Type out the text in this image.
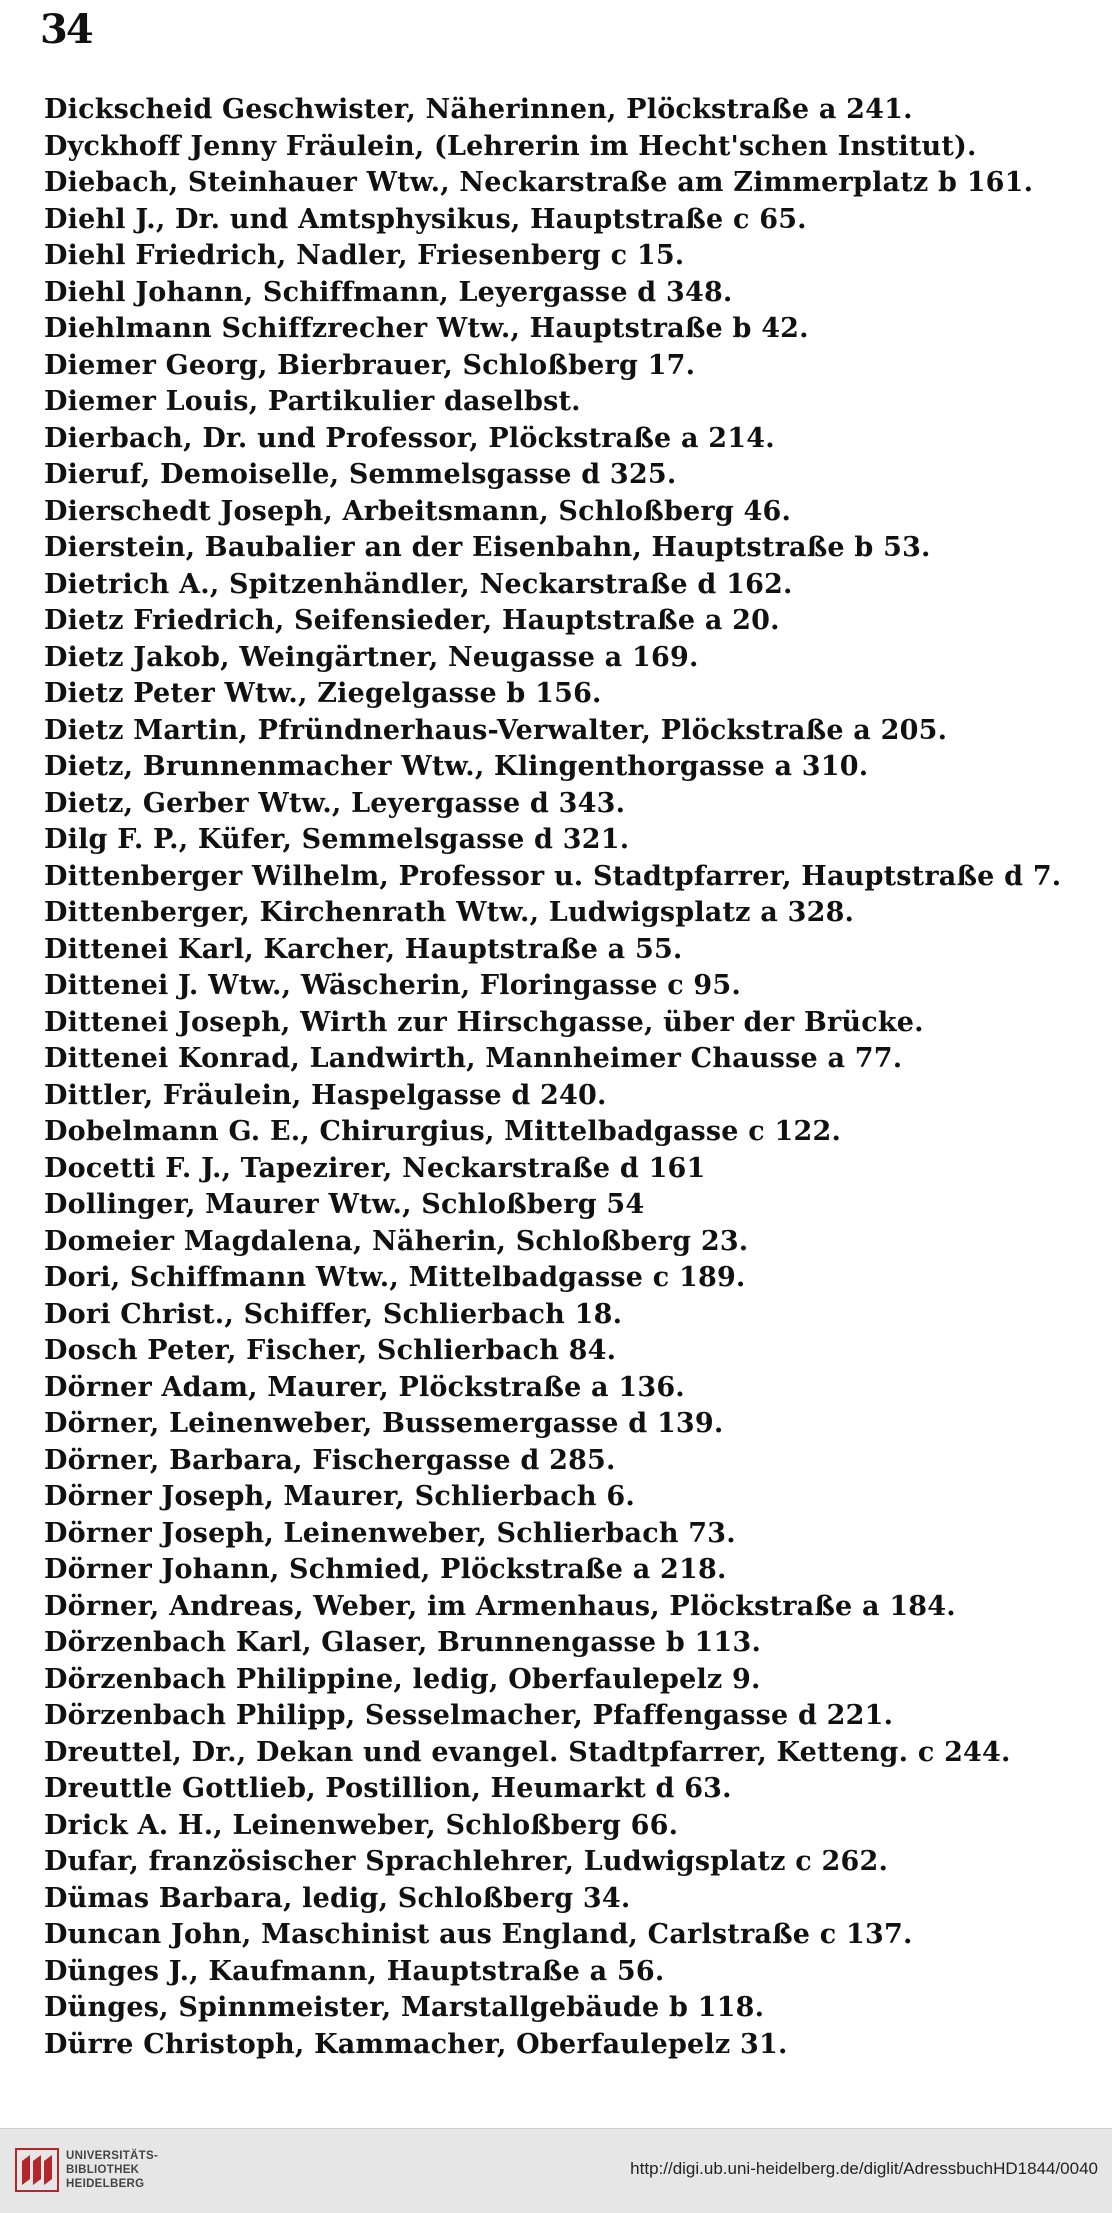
34
Dickscheid Geschwister, Näherinnen, Plöckstraße a 241.
Dyckhoff Jenny Fräulein, (Lehrerin im Hecht'schen Institut).
Diebach, Steinhauer Wtw., Neckarstraße am Zimmerplatz b 161.
Diehl J., Dr. und Amtsphysikus, Hauptstraße c 65.
Diehl Friedrich, Nadler, Friesenberg c 15.
Diehl Johann, Schiffmann, Leyergasse d 348.
Diehlmann Schiffzrecher Wtw., Hauptstraße b 42.
Diemer Georg, Bierbrauer, Schloßberg 17.
Diemer Louis, Partikulier daselbst.
Dierbach, Dr. und Professor, Plöckstraße a 214.
Dieruf, Demoiselle, Semmelsgasse d 325.
Dierschedt Joseph, Arbeitsmann, Schloßberg 46.
Dierstein, Baubalier an der Eisenbahn, Hauptstraße b 53.
Dietrich A., Spitzenhändler, Neckarstraße d 162.
Dietz Friedrich, Seifensieder, Hauptstraße a 20.
Dietz Jakob, Weingärtner, Neugasse a 169.
Dietz Peter Wtw., Ziegelgasse b 156.
Dietz Martin, Pfründnerhaus-Verwalter, Plöckstraße a 205.
Dietz, Brunnenmacher Wtw., Klingenthorgasse a 310.
Dietz, Gerber Wtw., Leyergasse d 343.
Dilg F. P., Küfer, Semmelsgasse d 321.
Dittenberger Wilhelm, Professor u. Stadtpfarrer, Hauptstraße d 7.
Dittenberger, Kirchenrath Wtw., Ludwigsplatz a 328.
Dittenei Karl, Karcher, Hauptstraße a 55.
Dittenei J. Wtw., Wäscherin, Floringasse c 95.
Dittenei Joseph, Wirth zur Hirschgasse, über der Brücke.
Dittenei Konrad, Landwirth, Mannheimer Chausse a 77.
Dittler, Fräulein, Haspelgasse d 240.
Dobelmann G. E., Chirurgius, Mittelbadgasse c 122.
Docetti F. J., Tapezirer, Neckarstraße d 161
Dollinger, Maurer Wtw., Schloßberg 54
Domeier Magdalena, Näherin, Schloßberg 23.
Dori, Schiffmann Wtw., Mittelbadgasse c 189.
Dori Christ., Schiffer, Schlierbach 18.
Dosch Peter, Fischer, Schlierbach 84.
Dörner Adam, Maurer, Plöckstraße a 136.
Dörner, Leinenweber, Bussemergasse d 139.
Dörner, Barbara, Fischergasse d 285.
Dörner Joseph, Maurer, Schlierbach 6.
Dörner Joseph, Leinenweber, Schlierbach 73.
Dörner Johann, Schmied, Plöckstraße a 218.
Dörner, Andreas, Weber, im Armenhaus, Plöckstraße a 184.
Dörzenbach Karl, Glaser, Brunnengasse b 113.
Dörzenbach Philippine, ledig, Oberfaulepelz 9.
Dörzenbach Philipp, Sesselmacher, Pfaffengasse d 221.
Dreuttel, Dr., Dekan und evangel. Stadtpfarrer, Ketteng. c 244.
Dreuttle Gottlieb, Postillion, Heumarkt d 63.
Drick A. H., Leinenweber, Schloßberg 66.
Dufar, französischer Sprachlehrer, Ludwigsplatz c 262.
Dümas Barbara, ledig, Schloßberg 34.
Duncan John, Maschinist aus England, Carlstraße c 137.
Dünges J., Kaufmann, Hauptstraße a 56.
Dünges, Spinnmeister, Marstallgebäude b 118.
Dürre Christoph, Kammacher, Oberfaulepelz 31.
UNIVERSITÄTS-
BIBLIOTHEK
HEIDELBERG
http://digi.ub.uni-heidelberg.de/diglit/AdressbuchHD1844/0040
